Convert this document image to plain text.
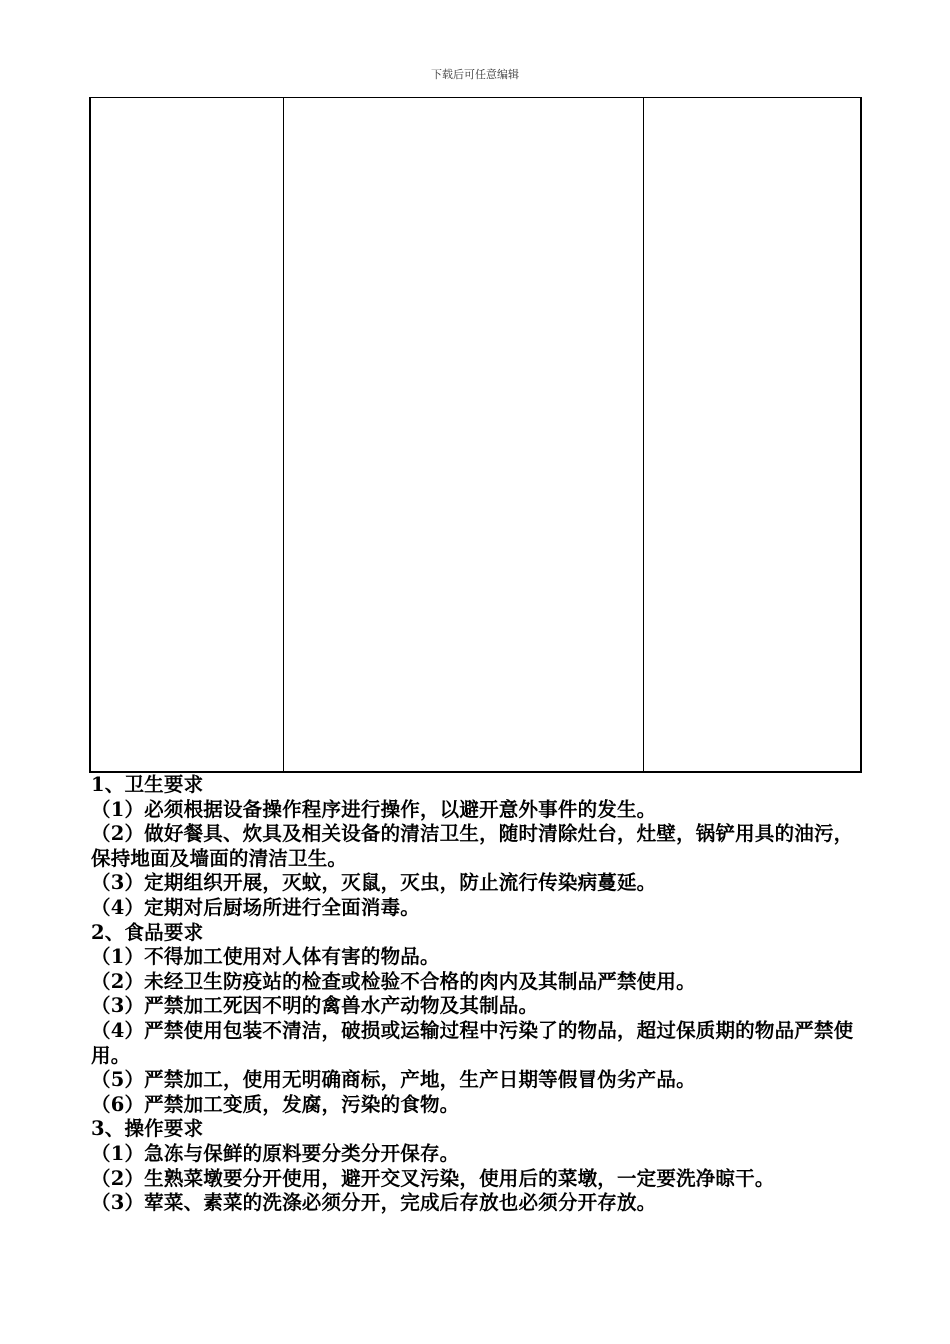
下载后可任意编辑

1、卫生要求

（1）必须根据设备操作程序进行操作，以避开意外事件的发生。

（2）做好餐具、炊具及相关设备的清洁卫生，随时清除灶台，灶壁，锅铲用具的油污，保持地面及墙面的清洁卫生。

（3）定期组织开展，灭蚊，灭鼠，灭虫，防止流行传染病蔓延。

（4）定期对后厨场所进行全面消毒。

2、食品要求

（1）不得加工使用对人体有害的物品。

（2）未经卫生防疫站的检查或检验不合格的肉内及其制品严禁使用。

（3）严禁加工死因不明的禽兽水产动物及其制品。

（4）严禁使用包装不清洁，破损或运输过程中污染了的物品，超过保质期的物品严禁使用。

（5）严禁加工，使用无明确商标，产地，生产日期等假冒伪劣产品。

（6）严禁加工变质，发腐，污染的食物。

3、操作要求

（1）急冻与保鲜的原料要分类分开保存。

（2）生熟菜墩要分开使用，避开交叉污染，使用后的菜墩，一定要洗净晾干。

（3）荤菜、素菜的洗涤必须分开，完成后存放也必须分开存放。
